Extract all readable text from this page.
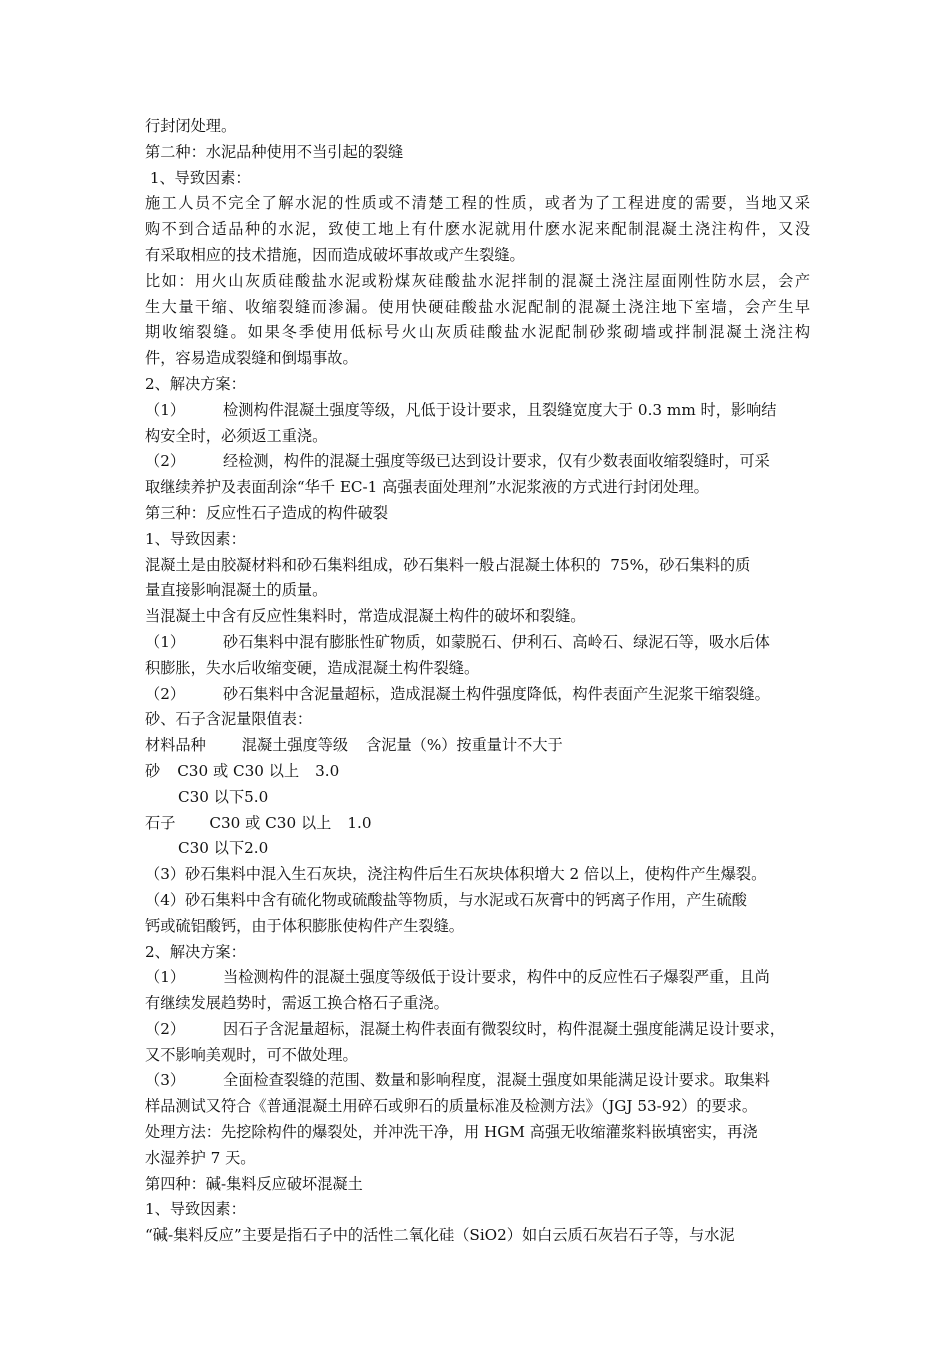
行封闭处理。
第二种：水泥品种使用不当引起的裂缝
1、导致因素：
施工人员不完全了解水泥的性质或不清楚工程的性质，或者为了工程进度的需要，当地又采
购不到合适品种的水泥，致使工地上有什麽水泥就用什麽水泥来配制混凝土浇注构件，又没
有采取相应的技术措施，因而造成破坏事故或产生裂缝。
比如：用火山灰质硅酸盐水泥或粉煤灰硅酸盐水泥拌制的混凝土浇注屋面刚性防水层，会产
生大量干缩、收缩裂缝而渗漏。使用快硬硅酸盐水泥配制的混凝土浇注地下室墙，会产生早
期收缩裂缝。如果冬季使用低标号火山灰质硅酸盐水泥配制砂浆砌墙或拌制混凝土浇注构
件，容易造成裂缝和倒塌事故。
2、解决方案：
（1）	检测构件混凝土强度等级，凡低于设计要求，且裂缝宽度大于 0.3 mm 时，影响结
构安全时，必须返工重浇。
（2）	经检测，构件的混凝土强度等级已达到设计要求，仅有少数表面收缩裂缝时，可采
取继续养护及表面刮涂“华千 EC-1 高强表面处理剂”水泥浆液的方式进行封闭处理。
第三种：反应性石子造成的构件破裂
1、导致因素：
混凝土是由胶凝材料和砂石集料组成，砂石集料一般占混凝土体积的  75%，砂石集料的质
量直接影响混凝土的质量。
当混凝土中含有反应性集料时，常造成混凝土构件的破坏和裂缝。
（1）	砂石集料中混有膨胀性矿物质，如蒙脱石、伊利石、高岭石、绿泥石等，吸水后体
积膨胀，失水后收缩变硬，造成混凝土构件裂缝。
（2）	砂石集料中含泥量超标，造成混凝土构件强度降低，构件表面产生泥浆干缩裂缝。
砂、石子含泥量限值表：
材料品种 混凝土强度等级 含泥量（%）按重量计不大于
砂 C30 或 C30 以上 3.0
C30 以下5.0
石子 C30 或 C30 以上 1.0
C30 以下2.0
（3）砂石集料中混入生石灰块，浇注构件后生石灰块体积增大 2 倍以上，使构件产生爆裂。
（4）砂石集料中含有硫化物或硫酸盐等物质，与水泥或石灰膏中的钙离子作用，产生硫酸
钙或硫铝酸钙，由于体积膨胀使构件产生裂缝。
2、解决方案：
（1）	当检测构件的混凝土强度等级低于设计要求，构件中的反应性石子爆裂严重，且尚
有继续发展趋势时，需返工换合格石子重浇。
（2）	因石子含泥量超标，混凝土构件表面有微裂纹时，构件混凝土强度能满足设计要求，
又不影响美观时，可不做处理。
（3）	全面检查裂缝的范围、数量和影响程度，混凝土强度如果能满足设计要求。取集料
样品测试又符合《普通混凝土用碎石或卵石的质量标准及检测方法》（JGJ 53-92）的要求。
处理方法：先挖除构件的爆裂处，并冲洗干净，用 HGM 高强无收缩灌浆料嵌填密实，再浇
水湿养护 7 天。
第四种：碱-集料反应破坏混凝土
1、导致因素：
“碱-集料反应”主要是指石子中的活性二氧化硅（SiO2）如白云质石灰岩石子等，与水泥
